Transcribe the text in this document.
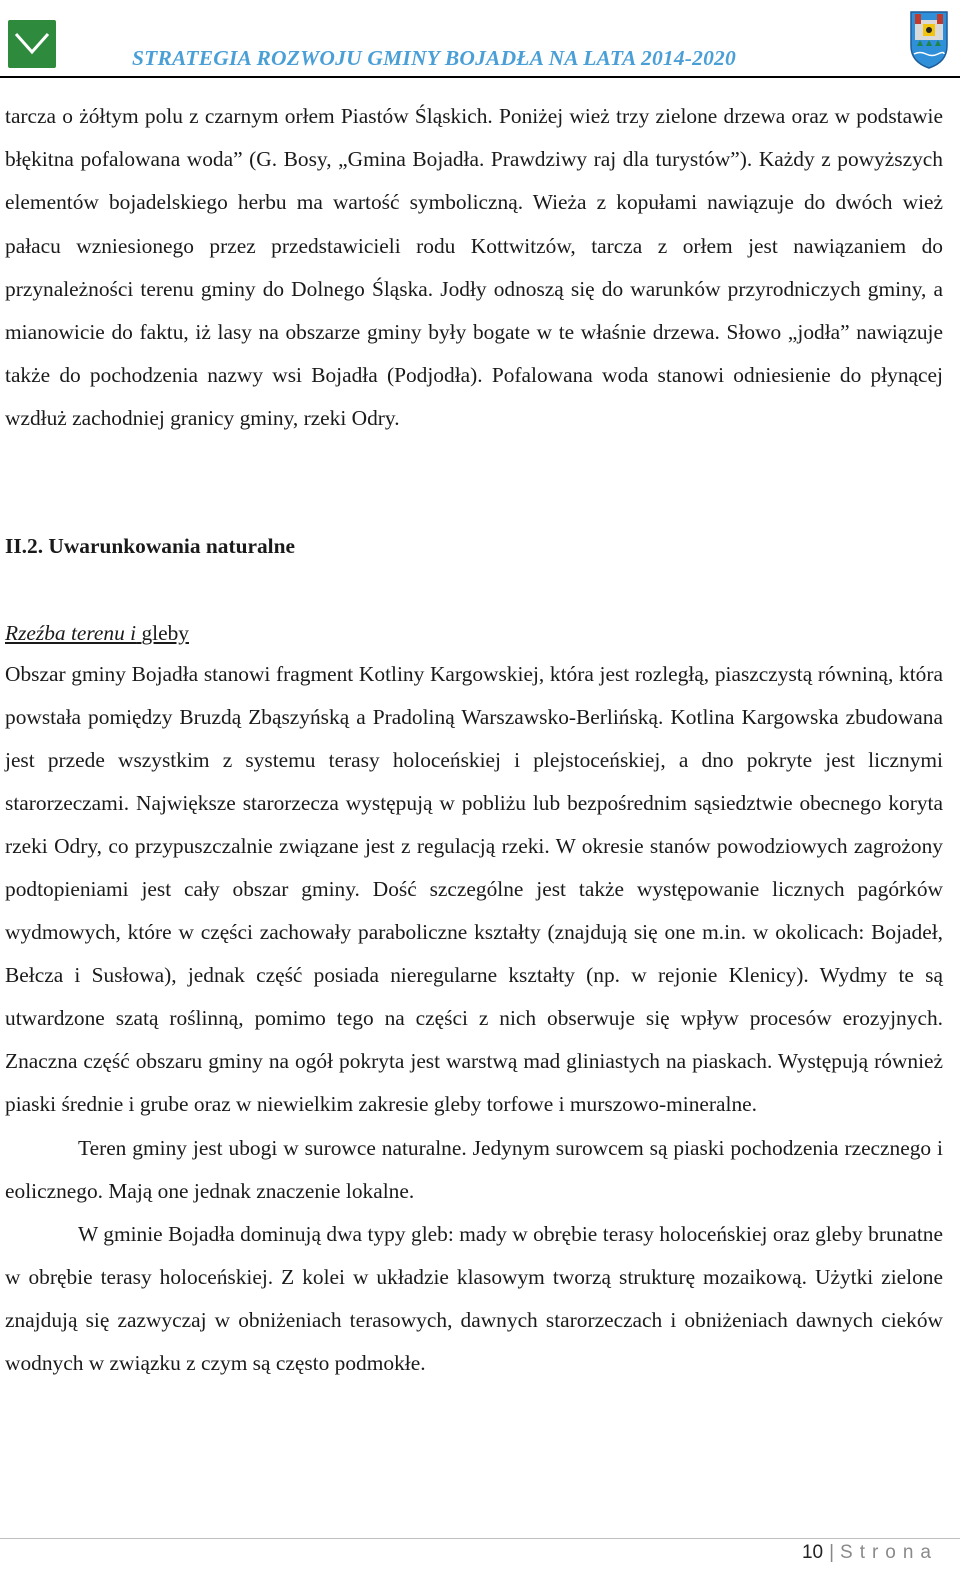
STRATEGIA ROZWOJU GMINY BOJADŁA NA LATA 2014-2020

tarcza o żółtym polu z czarnym orłem Piastów Śląskich. Poniżej wież trzy zielone drzewa oraz w podstawie błękitna pofalowana woda” (G. Bosy, „Gmina Bojadła. Prawdziwy raj dla turystów”). Każdy z powyższych elementów bojadelskiego herbu ma wartość symboliczną. Wieża z kopułami nawiązuje do dwóch wież pałacu wzniesionego przez przedstawicieli rodu Kottwitzów, tarcza z orłem jest nawiązaniem do przynależności terenu gminy do Dolnego Śląska. Jodły odnoszą się do warunków przyrodniczych gminy, a mianowicie do faktu, iż lasy na obszarze gminy były bogate w te właśnie drzewa. Słowo „jodła” nawiązuje także do pochodzenia nazwy wsi Bojadła (Podjodła). Pofalowana woda stanowi odniesienie do płynącej wzdłuż zachodniej granicy gminy, rzeki Odry.

II.2. Uwarunkowania naturalne
Rzeźba terenu i gleby

Obszar gminy Bojadła stanowi fragment Kotliny Kargowskiej, która jest rozległą, piaszczystą równiną, która powstała pomiędzy Bruzdą Zbąszyńską a Pradoliną Warszawsko-Berlińską. Kotlina Kargowska zbudowana jest przede wszystkim z systemu terasy holoceńskiej i plejstoceńskiej, a dno pokryte jest licznymi starorzeczami. Największe starorzecza występują w pobliżu lub bezpośrednim sąsiedztwie obecnego koryta rzeki Odry, co przypuszczalnie związane jest z regulacją rzeki. W okresie stanów powodziowych zagrożony podtopieniami jest cały obszar gminy. Dość szczególne jest także występowanie licznych pagórków wydmowych, które w części zachowały paraboliczne kształty (znajdują się one m.in. w okolicach: Bojadeł, Bełcza i Susłowa), jednak część posiada nieregularne kształty (np. w rejonie Klenicy). Wydmy te są utwardzone szatą roślinną, pomimo tego na części z nich obserwuje się wpływ procesów erozyjnych. Znaczna część obszaru gminy na ogół pokryta jest warstwą mad gliniastych na piaskach. Występują również piaski średnie i grube oraz w niewielkim zakresie gleby torfowe i murszowo-mineralne.

Teren gminy jest ubogi w surowce naturalne. Jedynym surowcem są piaski pochodzenia rzecznego i eolicznego. Mają one jednak znaczenie lokalne.

W gminie Bojadła dominują dwa typy gleb: mady w obrębie terasy holoceńskiej oraz gleby brunatne w obrębie terasy holoceńskiej. Z kolei w układzie klasowym tworzą strukturę mozaikową. Użytki zielone znajdują się zazwyczaj w obniżeniach terasowych, dawnych starorzeczach i obniżeniach dawnych cieków wodnych w związku z czym są często podmokłe.

10 | Strona
